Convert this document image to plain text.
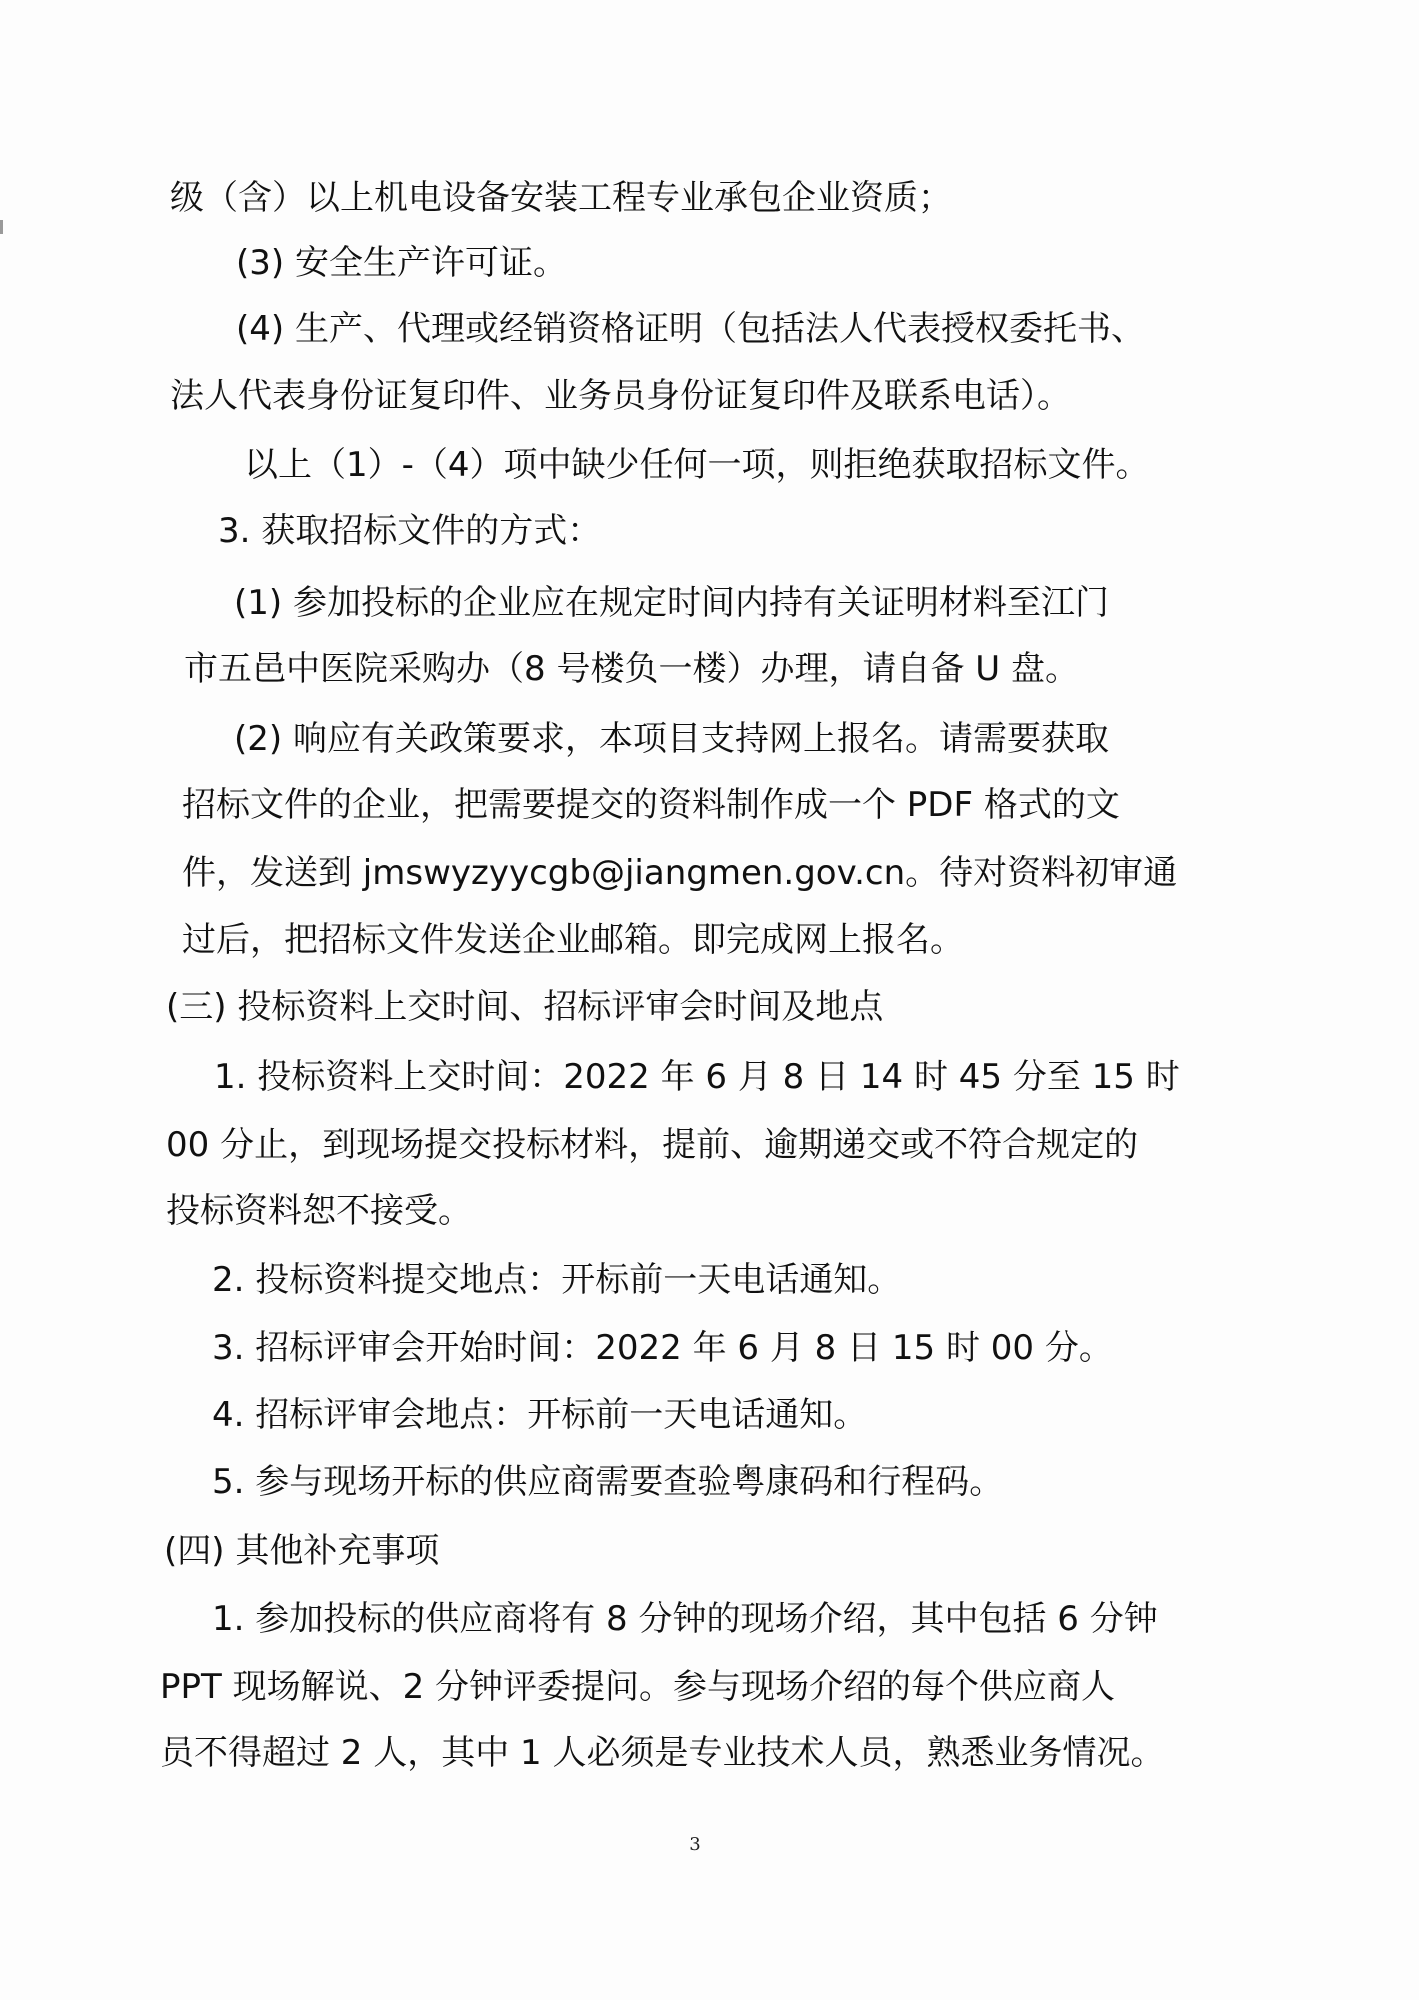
级（含）以上机电设备安装工程专业承包企业资质；
(3) 安全生产许可证。
(4) 生产、代理或经销资格证明（包括法人代表授权委托书、
法人代表身份证复印件、业务员身份证复印件及联系电话）。
以上（1）-（4）项中缺少任何一项，则拒绝获取招标文件。
3. 获取招标文件的方式：
(1) 参加投标的企业应在规定时间内持有关证明材料至江门
市五邑中医院采购办（8 号楼负一楼）办理，请自备 U 盘。
(2) 响应有关政策要求，本项目支持网上报名。请需要获取
招标文件的企业，把需要提交的资料制作成一个 PDF 格式的文
件，发送到 jmswyzyycgb@jiangmen.gov.cn。待对资料初审通
过后，把招标文件发送企业邮箱。即完成网上报名。
(三) 投标资料上交时间、招标评审会时间及地点
1. 投标资料上交时间：2022 年 6 月 8 日 14 时 45 分至 15 时
00 分止，到现场提交投标材料，提前、逾期递交或不符合规定的
投标资料恕不接受。
2. 投标资料提交地点：开标前一天电话通知。
3. 招标评审会开始时间：2022 年 6 月 8 日 15 时 00 分。
4. 招标评审会地点：开标前一天电话通知。
5. 参与现场开标的供应商需要查验粤康码和行程码。
(四) 其他补充事项
1. 参加投标的供应商将有 8 分钟的现场介绍，其中包括 6 分钟
PPT 现场解说、2 分钟评委提问。参与现场介绍的每个供应商人
员不得超过 2 人，其中 1 人必须是专业技术人员，熟悉业务情况。
3
